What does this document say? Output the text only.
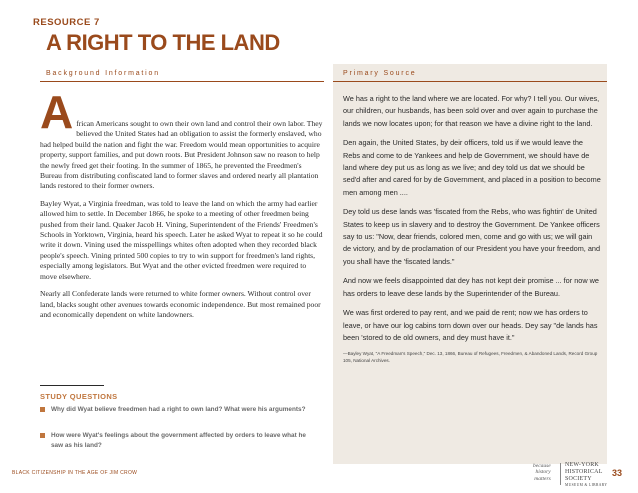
RESOURCE 7
A RIGHT TO THE LAND
Background Information	Primary Source

African Americans sought to own their own land and control their own labor. They believed the United States had an obligation to assist the formerly enslaved, who had helped build the nation and fight the war. Freedom would mean opportunities to acquire property, support families, and put down roots. But President Johnson saw no reason to help the newly freed get their footing. In the summer of 1865, he prevented the Freedmen's Bureau from distributing confiscated land to former slaves and ordered nearly all plantation lands restored to their former owners.

Bayley Wyat, a Virginia freedman, was told to leave the land on which the army had earlier allowed him to settle. In December 1866, he spoke to a meeting of other freedmen being pushed from their land. Quaker Jacob H. Vining, Superintendent of the Friends' Freedmen's Schools in Yorktown, Virginia, heard his speech. Later he asked Wyat to repeat it so he could write it down. Vining used the misspellings whites often adopted when they recorded black people's speech. Vining printed 500 copies to try to win support for freedmen's land rights, especially among legislators. But Wyat and the other evicted freedmen were required to move elsewhere.

Nearly all Confederate lands were returned to white former owners. Without control over land, blacks sought other avenues towards economic independence. But most remained poor and economically dependent on white landowners.

STUDY QUESTIONS
Why did Wyat believe freedmen had a right to own land? What were his arguments?
How were Wyat's feelings about the government affected by orders to leave what he saw as his land?

We has a right to the land where we are located. For why? I tell you. Our wives, our children, our husbands, has been sold over and over again to purchase the lands we now locates upon; for that reason we have a divine right to the land.

Den again, the United States, by deir officers, told us if we would leave the Rebs and come to de Yankees and help de Government, we should have de land where dey put us as long as we live; and dey told us dat we should be sed'd after and cared for by de Government, and placed in a position to become men among men ....

Dey told us dese lands was 'fiscated from the Rebs, who was fightin' de United States to keep us in slavery and to destroy the Government. De Yankee officers say to us: "Now, dear friends, colored men, come and go with us; we will gain de victory, and by de proclamation of our President you have your freedom, and you shall have the 'fiscated lands."

And now we feels disappointed dat dey has not kept deir promise ... for now we has orders to leave dese lands by the Superintender of the Bureau.

We was first ordered to pay rent, and we paid de rent; now we has orders to leave, or have our log cabins torn down over our heads. Dey say "de lands has been 'stored to de old owners, and dey must have it."

—Bayley Wyat, "A Freedman's Speech," Dec. 13, 1866, Bureau of Refugees, Freedmen, & Abandoned Lands, Record Group 105, National Archives.

BLACK CITIZENSHIP IN THE AGE OF JIM CROW
because
history
matters
NEW-YORK
HISTORICAL
SOCIETY
MUSEUM & LIBRARY
33
